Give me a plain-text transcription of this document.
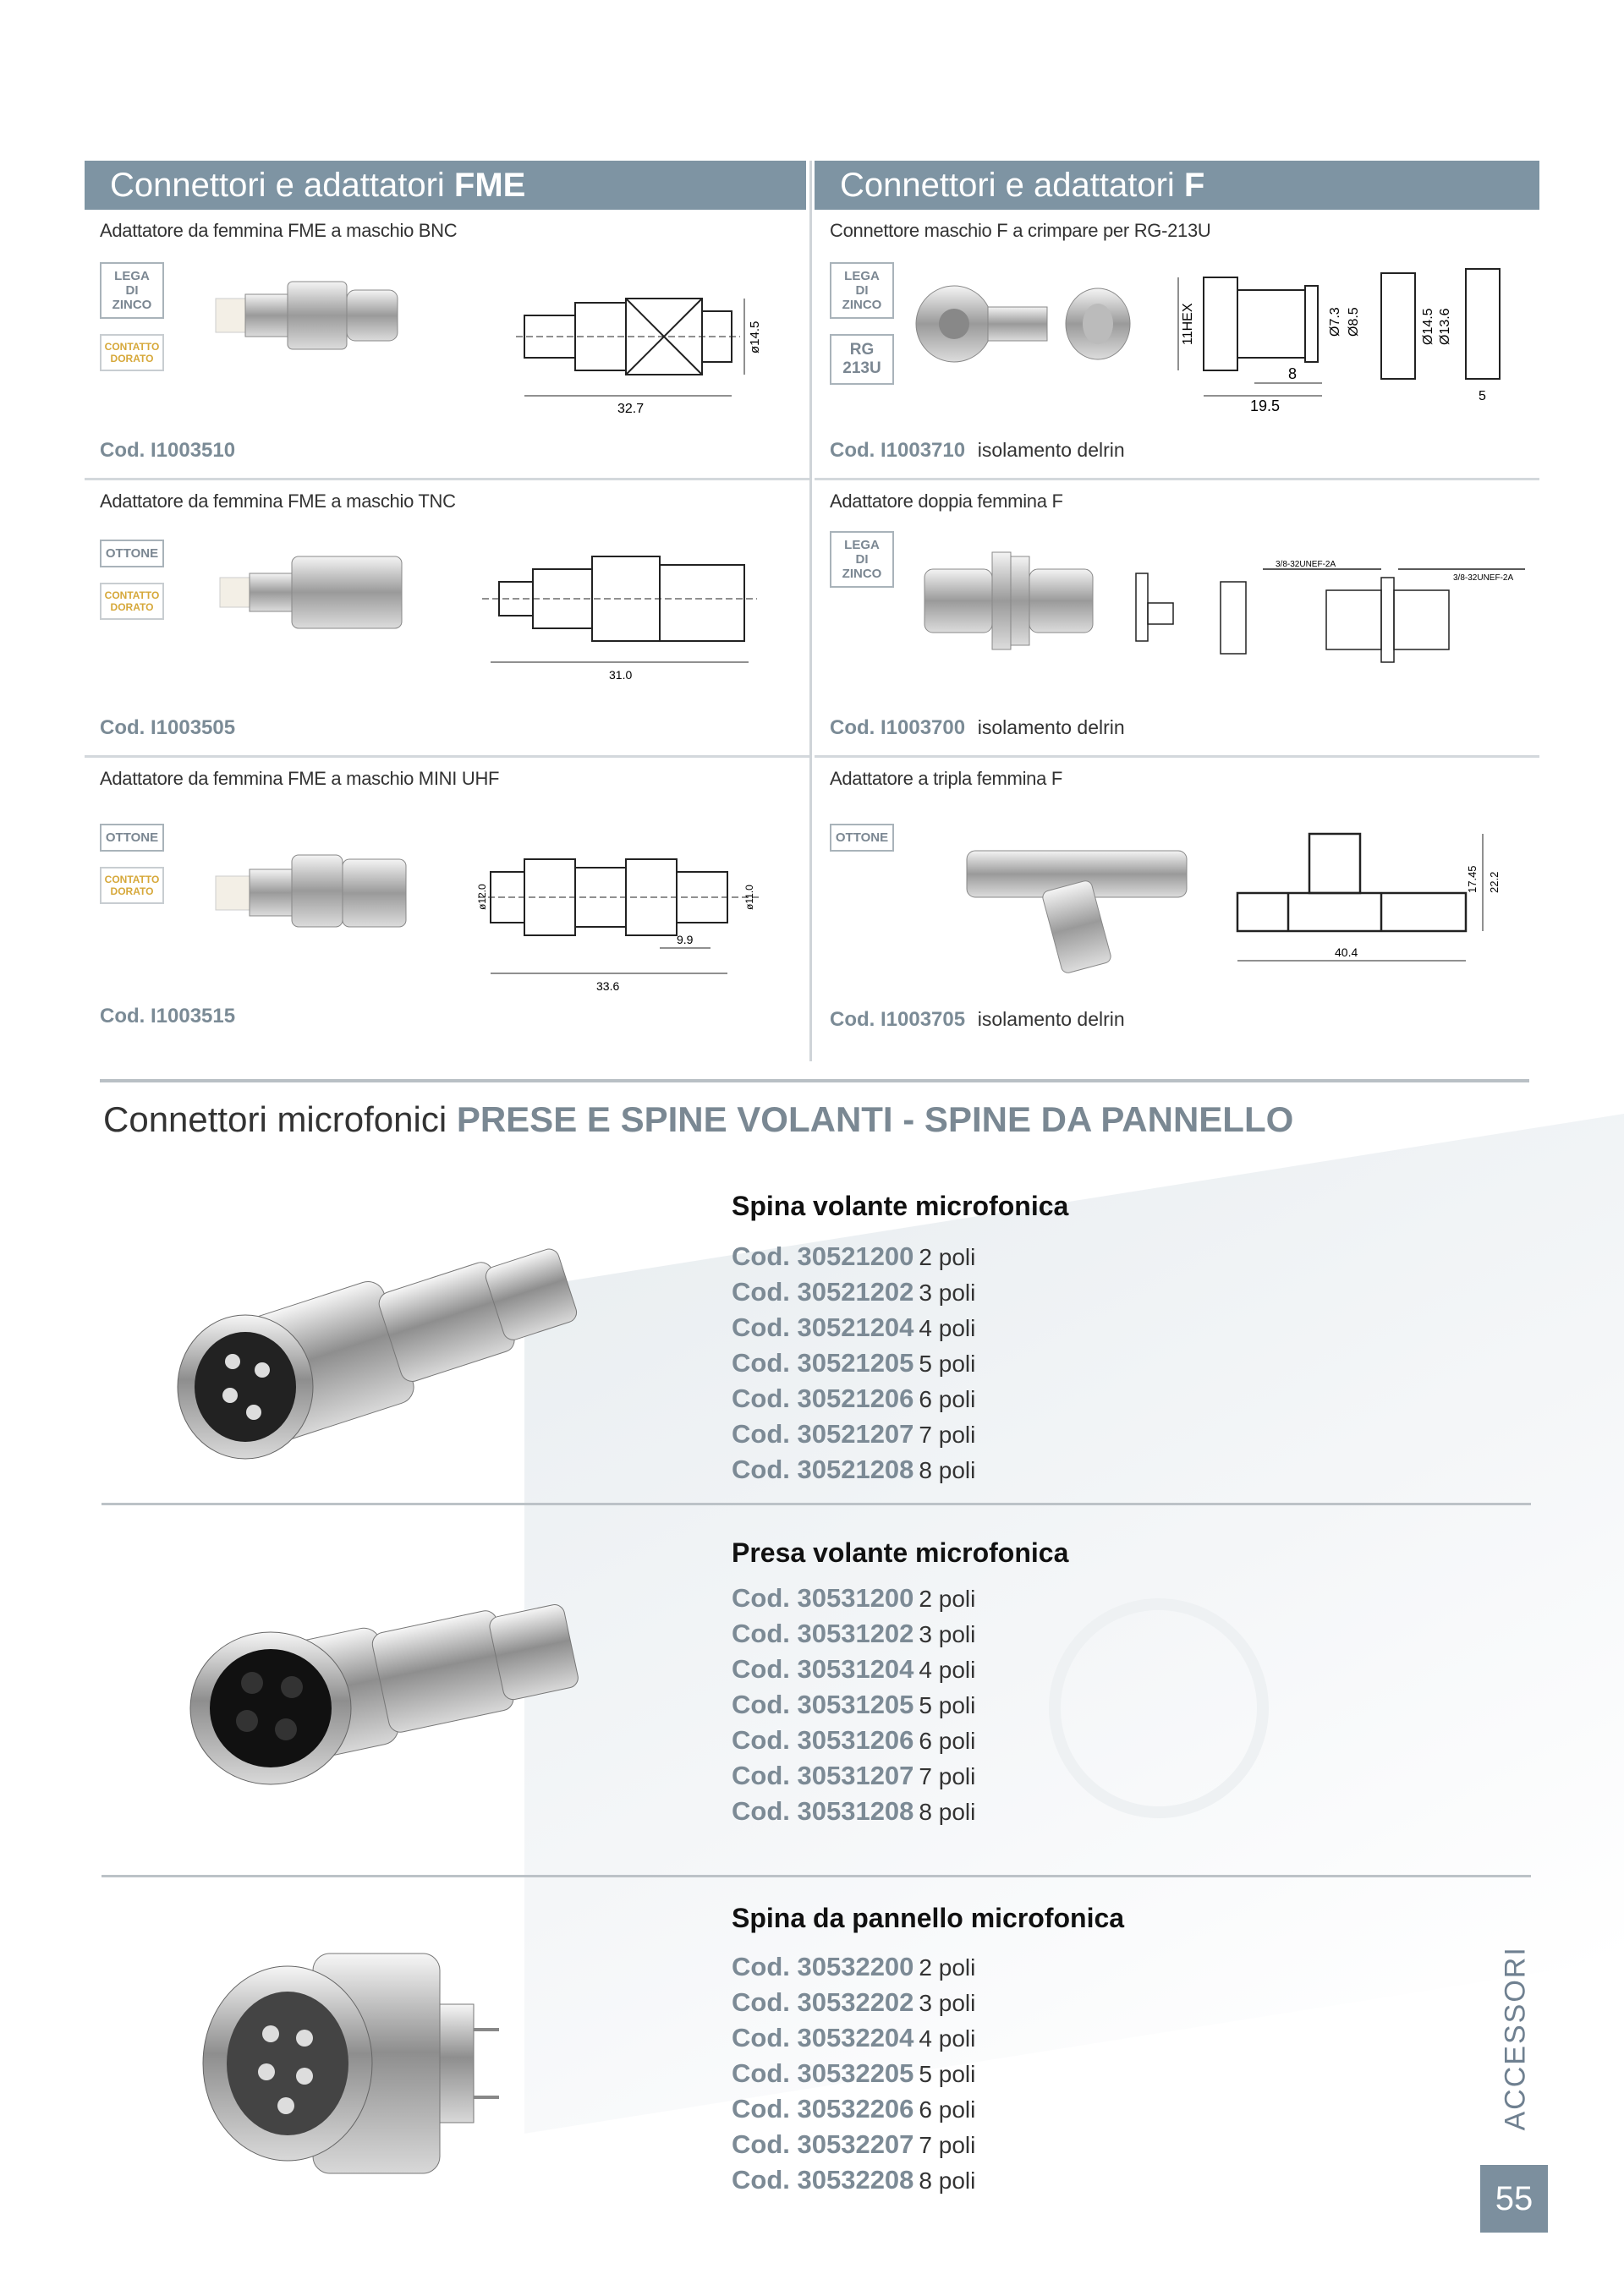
Connettori e adattatori FME
Adattatore da femmina FME a maschio BNC
LEGA
DI
ZINCO
CONTATTO
DORATO
32.7
ø14.5
Cod. I1003510
Adattatore da femmina FME a maschio TNC
OTTONE
CONTATTO
DORATO
31.0
Cod. I1003505
Adattatore da femmina FME a maschio MINI UHF
OTTONE
CONTATTO
DORATO
33.6
9.9
ø12.0	ø11.0
Cod. I1003515
Connettori e adattatori F
Connettore maschio F a crimpare per RG-213U
LEGA
DI
ZINCO
RG
213U
19.5
8
11HEX	Ø7.3 Ø8.5	Ø14.5 Ø13.6
5
Cod. I1003710 isolamento delrin
Adattatore doppia femmina F
LEGA
DI
ZINCO
3/8-32UNEF-2A
3/8-32UNEF-2A
Cod. I1003700 isolamento delrin
Adattatore a tripla femmina F
OTTONE
40.4
17.45 22.2
Cod. I1003705 isolamento delrin
Connettori microfonici PRESE E SPINE VOLANTI - SPINE DA PANNELLO
Spina volante microfonica
Cod. 30521200 2 poli
Cod. 30521202 3 poli
Cod. 30521204 4 poli
Cod. 30521205 5 poli
Cod. 30521206 6 poli
Cod. 30521207 7 poli
Cod. 30521208 8 poli
Presa volante microfonica
Cod. 30531200 2 poli
Cod. 30531202 3 poli
Cod. 30531204 4 poli
Cod. 30531205 5 poli
Cod. 30531206 6 poli
Cod. 30531207 7 poli
Cod. 30531208 8 poli
Spina da pannello microfonica
Cod. 30532200 2 poli
Cod. 30532202 3 poli
Cod. 30532204 4 poli
Cod. 30532205 5 poli
Cod. 30532206 6 poli
Cod. 30532207 7 poli
Cod. 30532208 8 poli
ACCESSORI
55
